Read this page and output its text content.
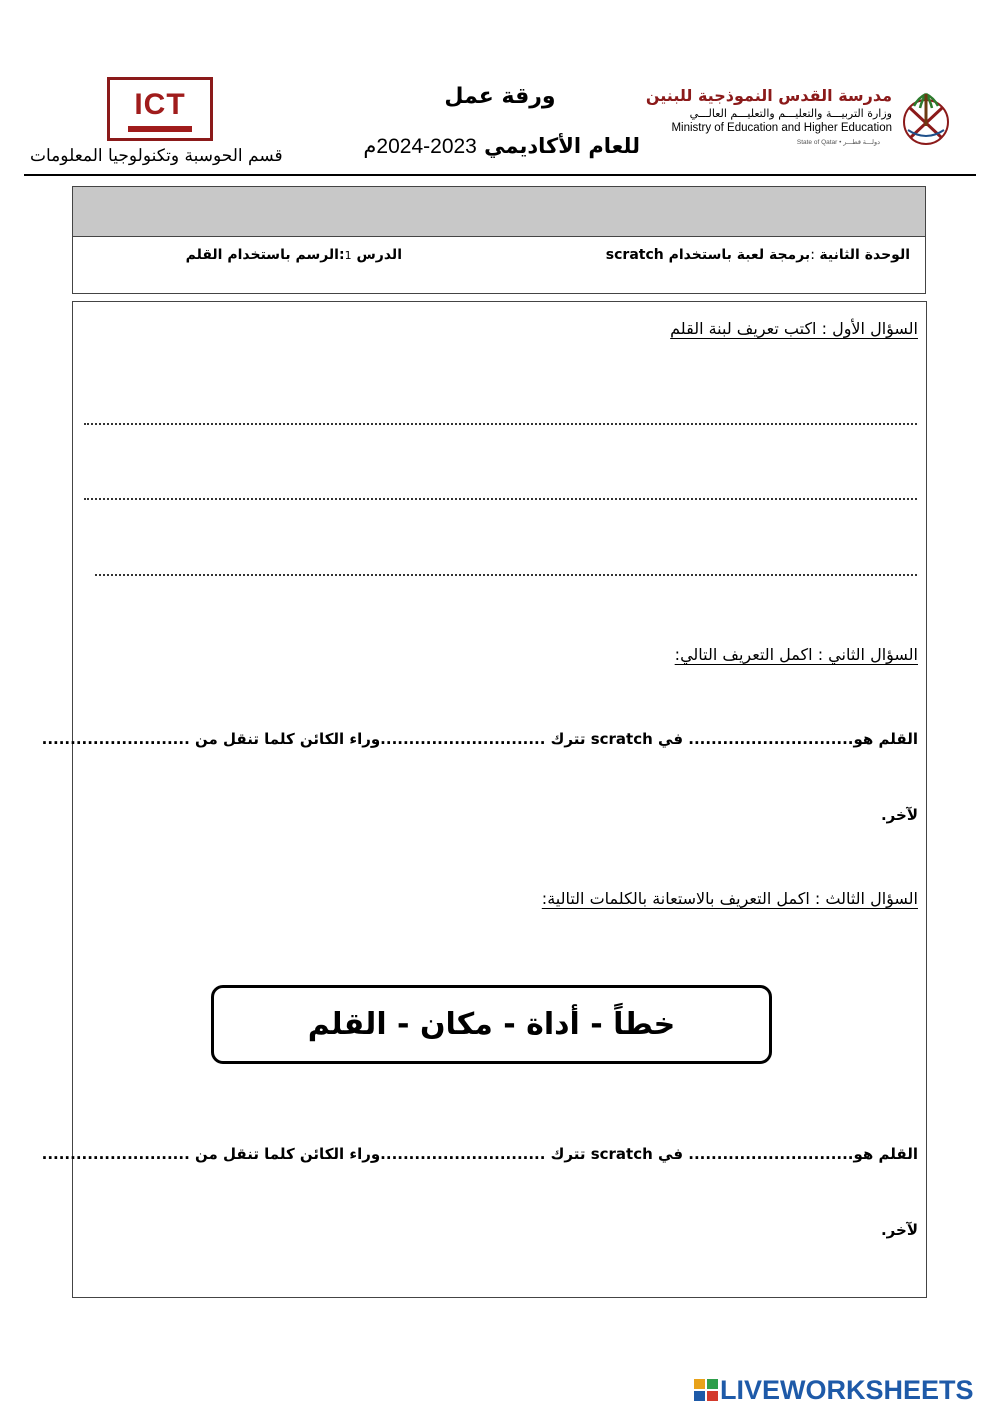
ICT
قسم الحوسبة وتكنولوجيا المعلومات
ورقة عمل
للعام الأكاديمي 2023-2024م
مدرسة القدس النموذجية للبنين
وزارة التربيـــة والتعليـــم والتعليـــم العالـــي
Ministry of Education and Higher Education
State of Qatar • دولـــة قطـــر
الوحدة الثانية :برمجة لعبة باستخدام scratch
الدرس 1:الرسم باستخدام القلم
السؤال الأول : اكتب تعريف لبنة القلم
السؤال الثاني : اكمل التعريف التالي:
القلم هو............................. في scratch تترك .............................وراء الكائن كلما تنقل من ..........................
لآخر.
السؤال الثالث : اكمل التعريف بالاستعانة بالكلمات التالية:
خطاً - أداة - مكان - القلم
القلم هو............................. في scratch تترك .............................وراء الكائن كلما تنقل من ..........................
لآخر.
LIVEWORKSHEETS
